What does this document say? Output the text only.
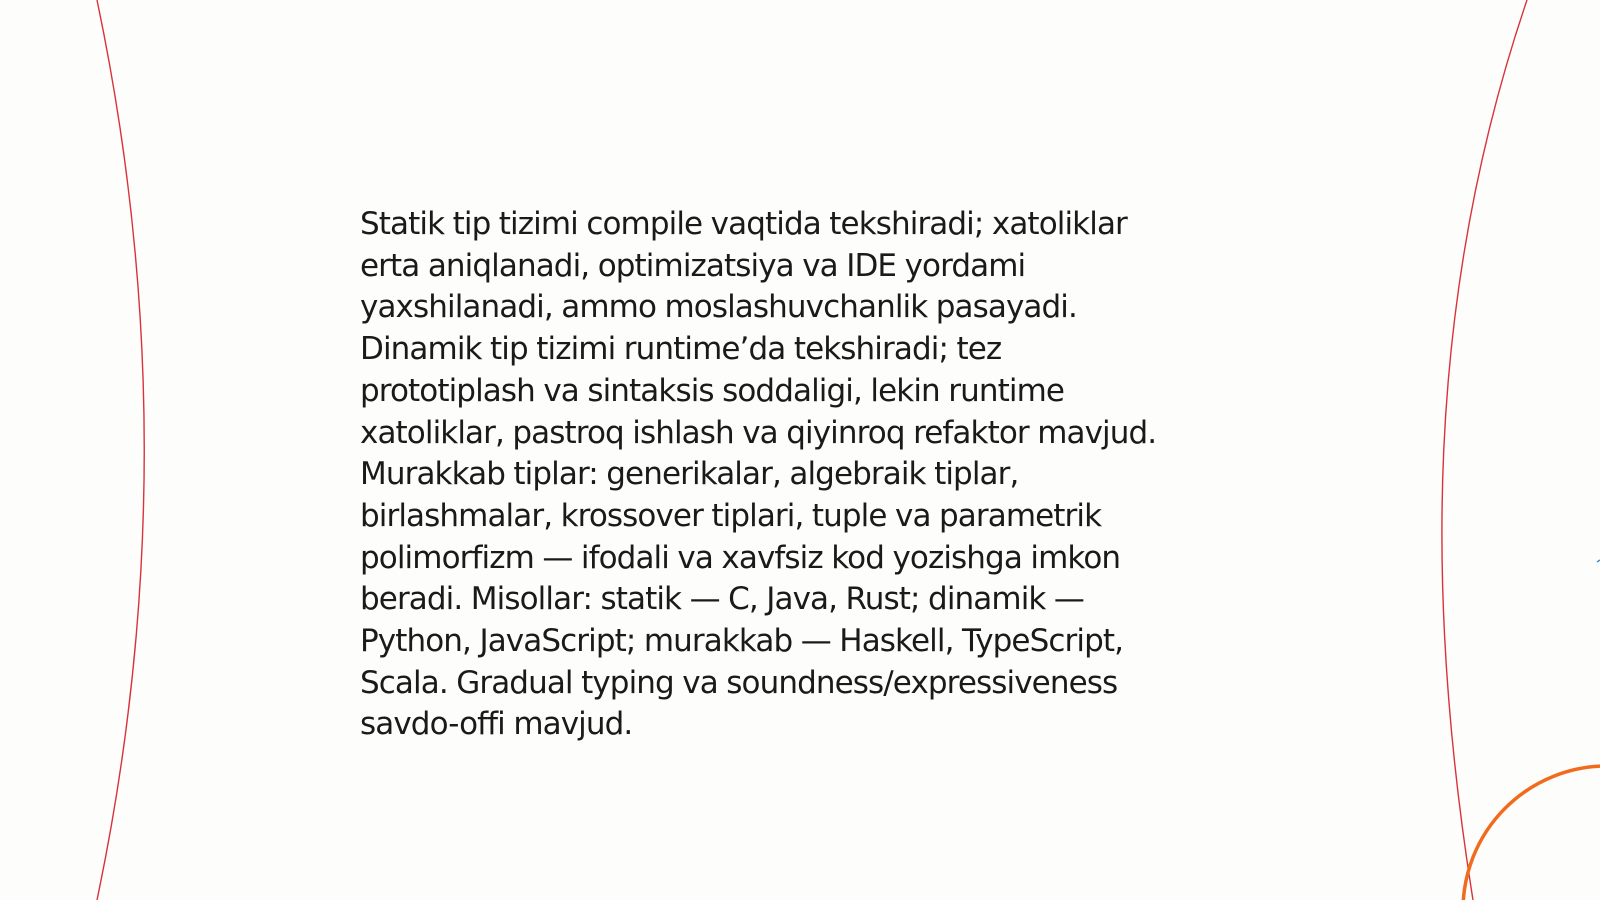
Statik tip tizimi compile vaqtida tekshiradi; xatoliklar
erta aniqlanadi, optimizatsiya va IDE yordami
yaxshilanadi, ammo moslashuvchanlik pasayadi.
Dinamik tip tizimi runtime’da tekshiradi; tez
prototiplash va sintaksis soddaligi, lekin runtime
xatoliklar, pastroq ishlash va qiyinroq refaktor mavjud.
Murakkab tiplar: generikalar, algebraik tiplar,
birlashmalar, krossover tiplari, tuple va parametrik
polimorfizm — ifodali va xavfsiz kod yozishga imkon
beradi. Misollar: statik — C, Java, Rust; dinamik —
Python, JavaScript; murakkab — Haskell, TypeScript,
Scala. Gradual typing va soundness/expressiveness
savdo-offi mavjud.
